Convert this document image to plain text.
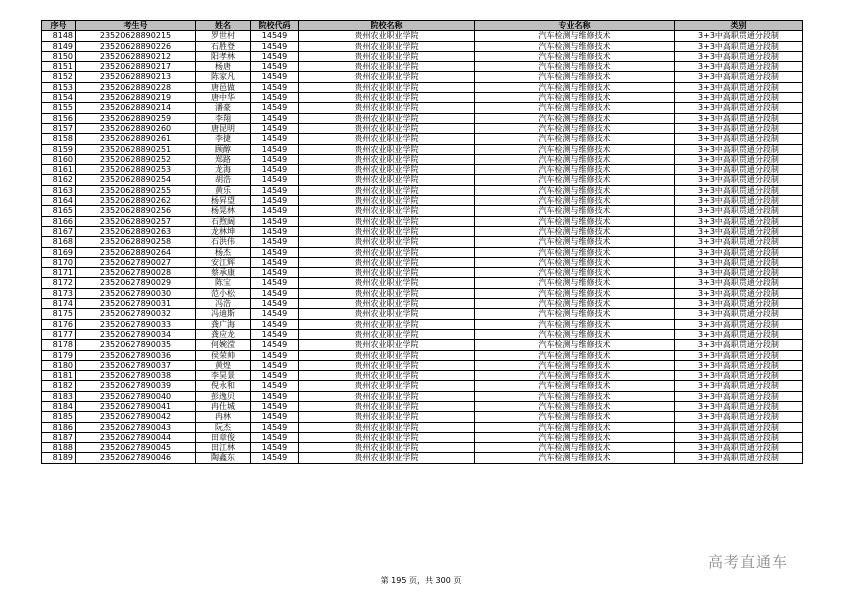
序号	考生号	姓名	院校代码	院校名称	专业名称	类别
8148	23520628890215	罗世村	14549	贵州农业职业学院	汽车检测与维修技术	3+3中高职贯通分段制
8149	23520628890226	石胜登	14549	贵州农业职业学院	汽车检测与维修技术	3+3中高职贯通分段制
8150	23520628890212	阳孝林	14549	贵州农业职业学院	汽车检测与维修技术	3+3中高职贯通分段制
8151	23520628890217	杨唐	14549	贵州农业职业学院	汽车检测与维修技术	3+3中高职贯通分段制
8152	23520628890213	陈家凡	14549	贵州农业职业学院	汽车检测与维修技术	3+3中高职贯通分段制
8153	23520628890228	唐邑做	14549	贵州农业职业学院	汽车检测与维修技术	3+3中高职贯通分段制
8154	23520628890219	唐中华	14549	贵州农业职业学院	汽车检测与维修技术	3+3中高职贯通分段制
8155	23520628890214	潘豪	14549	贵州农业职业学院	汽车检测与维修技术	3+3中高职贯通分段制
8156	23520628890259	李翔	14549	贵州农业职业学院	汽车检测与维修技术	3+3中高职贯通分段制
8157	23520628890260	唐昆明	14549	贵州农业职业学院	汽车检测与维修技术	3+3中高职贯通分段制
8158	23520628890261	李捷	14549	贵州农业职业学院	汽车检测与维修技术	3+3中高职贯通分段制
8159	23520628890251	顾醇	14549	贵州农业职业学院	汽车检测与维修技术	3+3中高职贯通分段制
8160	23520628890252	郑路	14549	贵州农业职业学院	汽车检测与维修技术	3+3中高职贯通分段制
8161	23520628890253	龙海	14549	贵州农业职业学院	汽车检测与维修技术	3+3中高职贯通分段制
8162	23520628890254	胡浩	14549	贵州农业职业学院	汽车检测与维修技术	3+3中高职贯通分段制
8163	23520628890255	黄乐	14549	贵州农业职业学院	汽车检测与维修技术	3+3中高职贯通分段制
8164	23520628890262	杨昇望	14549	贵州农业职业学院	汽车检测与维修技术	3+3中高职贯通分段制
8165	23520628890256	杨晃林	14549	贵州农业职业学院	汽车检测与维修技术	3+3中高职贯通分段制
8166	23520628890257	石煦阔	14549	贵州农业职业学院	汽车检测与维修技术	3+3中高职贯通分段制
8167	23520628890263	龙林坤	14549	贵州农业职业学院	汽车检测与维修技术	3+3中高职贯通分段制
8168	23520628890258	石洪伟	14549	贵州农业职业学院	汽车检测与维修技术	3+3中高职贯通分段制
8169	23520628890264	杨杰	14549	贵州农业职业学院	汽车检测与维修技术	3+3中高职贯通分段制
8170	23520627890027	安江辉	14549	贵州农业职业学院	汽车检测与维修技术	3+3中高职贯通分段制
8171	23520627890028	蔡承康	14549	贵州农业职业学院	汽车检测与维修技术	3+3中高职贯通分段制
8172	23520627890029	陈宝	14549	贵州农业职业学院	汽车检测与维修技术	3+3中高职贯通分段制
8173	23520627890030	范小松	14549	贵州农业职业学院	汽车检测与维修技术	3+3中高职贯通分段制
8174	23520627890031	冯浩	14549	贵州农业职业学院	汽车检测与维修技术	3+3中高职贯通分段制
8175	23520627890032	冯迪斯	14549	贵州农业职业学院	汽车检测与维修技术	3+3中高职贯通分段制
8176	23520627890033	龚广海	14549	贵州农业职业学院	汽车检测与维修技术	3+3中高职贯通分段制
8177	23520627890034	龚应龙	14549	贵州农业职业学院	汽车检测与维修技术	3+3中高职贯通分段制
8178	23520627890035	何婉滢	14549	贵州农业职业学院	汽车检测与维修技术	3+3中高职贯通分段制
8179	23520627890036	侯荣帅	14549	贵州农业职业学院	汽车检测与维修技术	3+3中高职贯通分段制
8180	23520627890037	黄煌	14549	贵州农业职业学院	汽车检测与维修技术	3+3中高职贯通分段制
8181	23520627890038	李昊景	14549	贵州农业职业学院	汽车检测与维修技术	3+3中高职贯通分段制
8182	23520627890039	倪永和	14549	贵州农业职业学院	汽车检测与维修技术	3+3中高职贯通分段制
8183	23520627890040	彭逸贝	14549	贵州农业职业学院	汽车检测与维修技术	3+3中高职贯通分段制
8184	23520627890041	冉仕城	14549	贵州农业职业学院	汽车检测与维修技术	3+3中高职贯通分段制
8185	23520627890042	冉林	14549	贵州农业职业学院	汽车检测与维修技术	3+3中高职贯通分段制
8186	23520627890043	阮杰	14549	贵州农业职业学院	汽车检测与维修技术	3+3中高职贯通分段制
8187	23520627890044	田章俊	14549	贵州农业职业学院	汽车检测与维修技术	3+3中高职贯通分段制
8188	23520627890045	田江林	14549	贵州农业职业学院	汽车检测与维修技术	3+3中高职贯通分段制
8189	23520627890046	陶鑫东	14549	贵州农业职业学院	汽车检测与维修技术	3+3中高职贯通分段制
第 195 页，共 300 页
高考直通车
